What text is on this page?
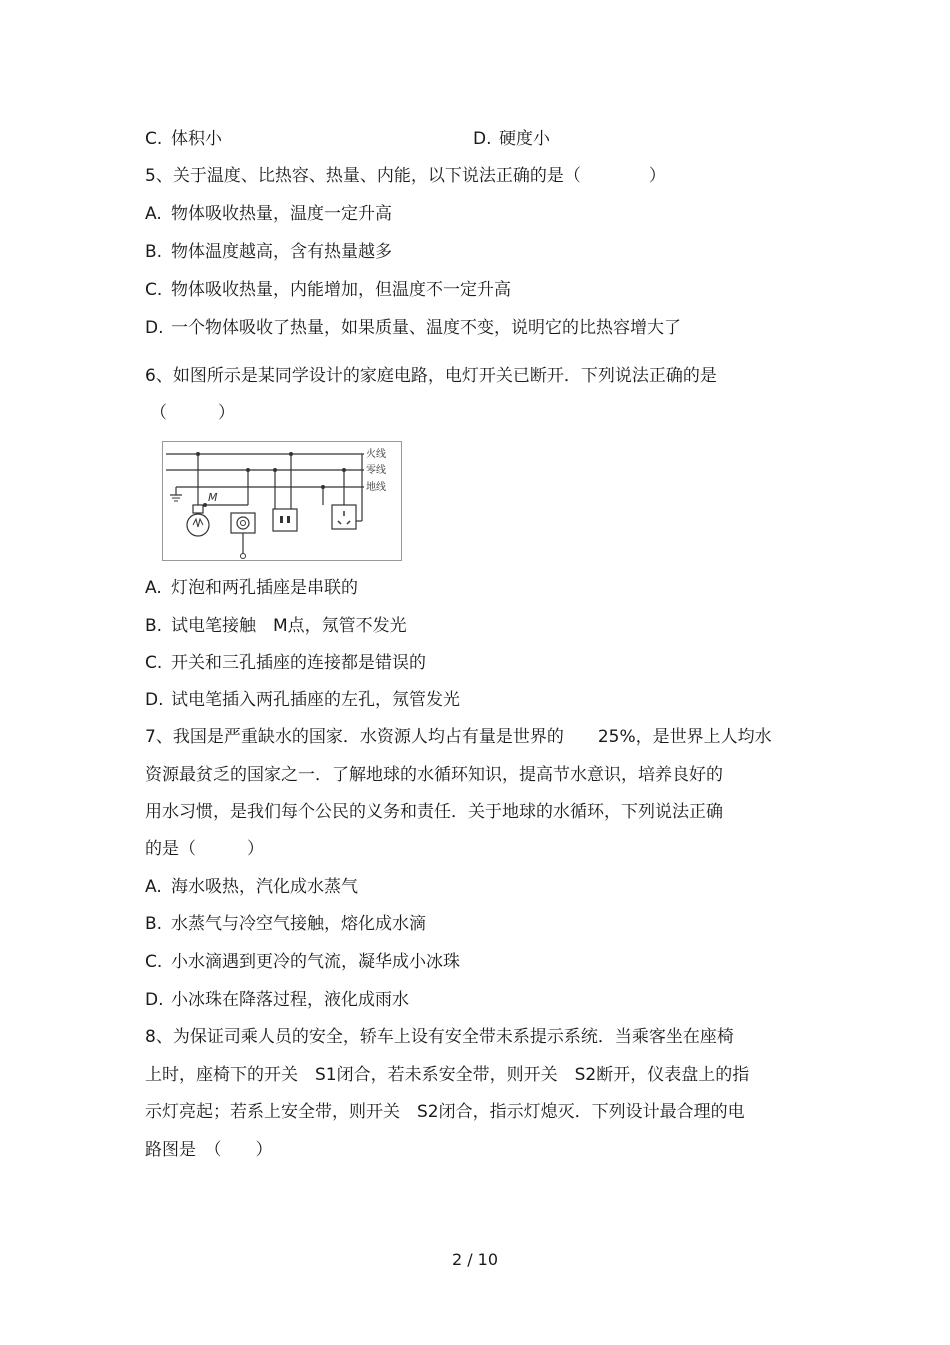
C. 体积小	D. 硬度小
5、关于温度、比热容、热量、内能，以下说法正确的是（　　　　）
A. 物体吸收热量，温度一定升高
B. 物体温度越高，含有热量越多
C. 物体吸收热量，内能增加，但温度不一定升高
D. 一个物体吸收了热量，如果质量、温度不变，说明它的比热容增大了
6、如图所示是某同学设计的家庭电路，电灯开关已断开．下列说法正确的是
（　　　）
火线
零线
地线
M
A. 灯泡和两孔插座是串联的
B. 试电笔接触　M点，氖管不发光
C. 开关和三孔插座的连接都是错误的
D. 试电笔插入两孔插座的左孔，氖管发光
7、我国是严重缺水的国家．水资源人均占有量是世界的　　25%，是世界上人均水
资源最贫乏的国家之一．了解地球的水循环知识，提高节水意识，培养良好的
用水习惯，是我们每个公民的义务和责任．关于地球的水循环，下列说法正确
的是（　　　）
A. 海水吸热，汽化成水蒸气
B. 水蒸气与冷空气接触，熔化成水滴
C. 小水滴遇到更冷的气流，凝华成小冰珠
D. 小冰珠在降落过程，液化成雨水
8、为保证司乘人员的安全，轿车上设有安全带未系提示系统．当乘客坐在座椅
上时，座椅下的开关　S1闭合，若未系安全带，则开关　S2断开，仪表盘上的指
示灯亮起；若系上安全带，则开关　S2闭合，指示灯熄灭．下列设计最合理的电
路图是　（　　）
2 / 10
